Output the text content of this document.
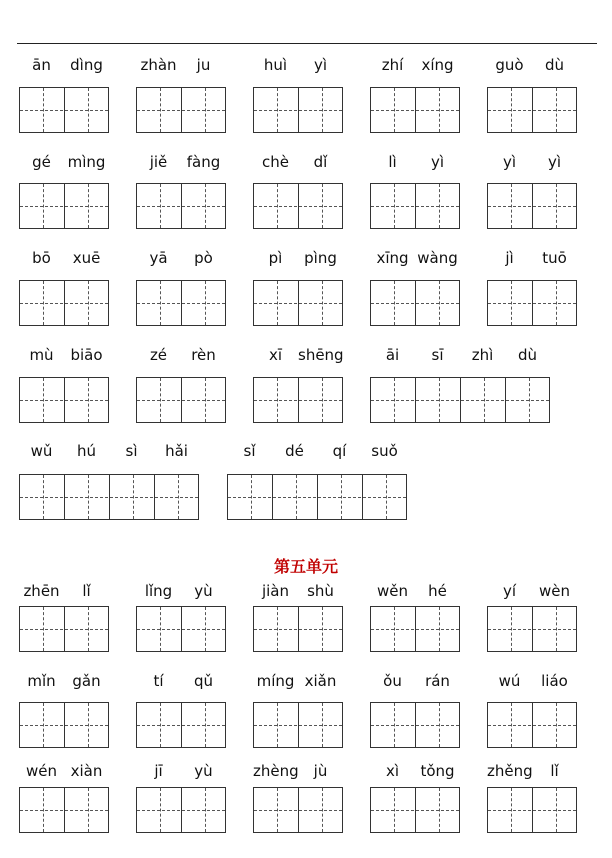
ān	dìng	zhàn	ju	huì	yì	zhí	xíng	guò	dù
gé	mìng	jiě	fàng	chè	dǐ	lì	yì	yì	yì
bō	xuē	yā	pò	pì	pìng	xīng wàng	jì	tuō
mù	biāo	zé	rèn	xī	shēng	āi	sī	zhì	dù
wǔ	hú	sì	hǎi	sǐ	dé	qí	suǒ
zhēn	lǐ	lǐng	yù	jiàn	shù	wěn	hé	yí	wèn
mǐn	gǎn	tí	qǔ	míng xiǎn	ǒu	rán	wú	liáo
wén xiàn	jī	yù	zhèng	jù	xì	tǒng	zhěng	lǐ
第五单元
